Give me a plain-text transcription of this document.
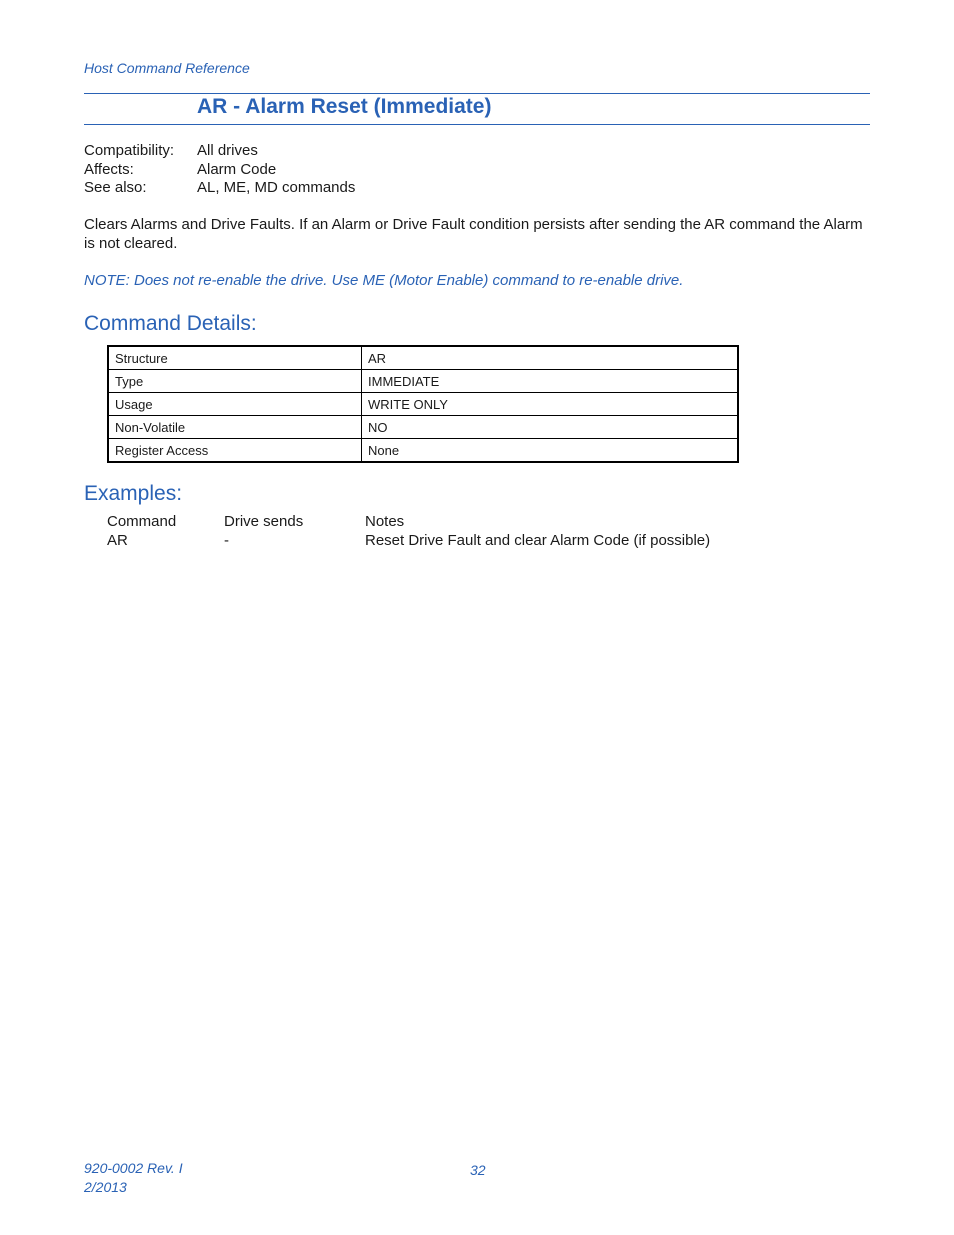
Host Command Reference
AR - Alarm Reset (Immediate)
Compatibility:	All drives
Affects:	Alarm Code
See also:	AL, ME, MD commands

Clears Alarms and Drive Faults. If an Alarm or Drive Fault condition persists after sending the AR command the Alarm is not cleared.

NOTE: Does not re-enable the drive. Use ME (Motor Enable) command to re-enable drive.

Command Details:
Structure	AR
Type	IMMEDIATE
Usage	WRITE ONLY
Non-Volatile	NO
Register Access	None
Examples:
Command	Drive sends	Notes
AR	-	Reset Drive Fault and clear Alarm Code (if possible)
920-0002 Rev. I
2/2013
32
